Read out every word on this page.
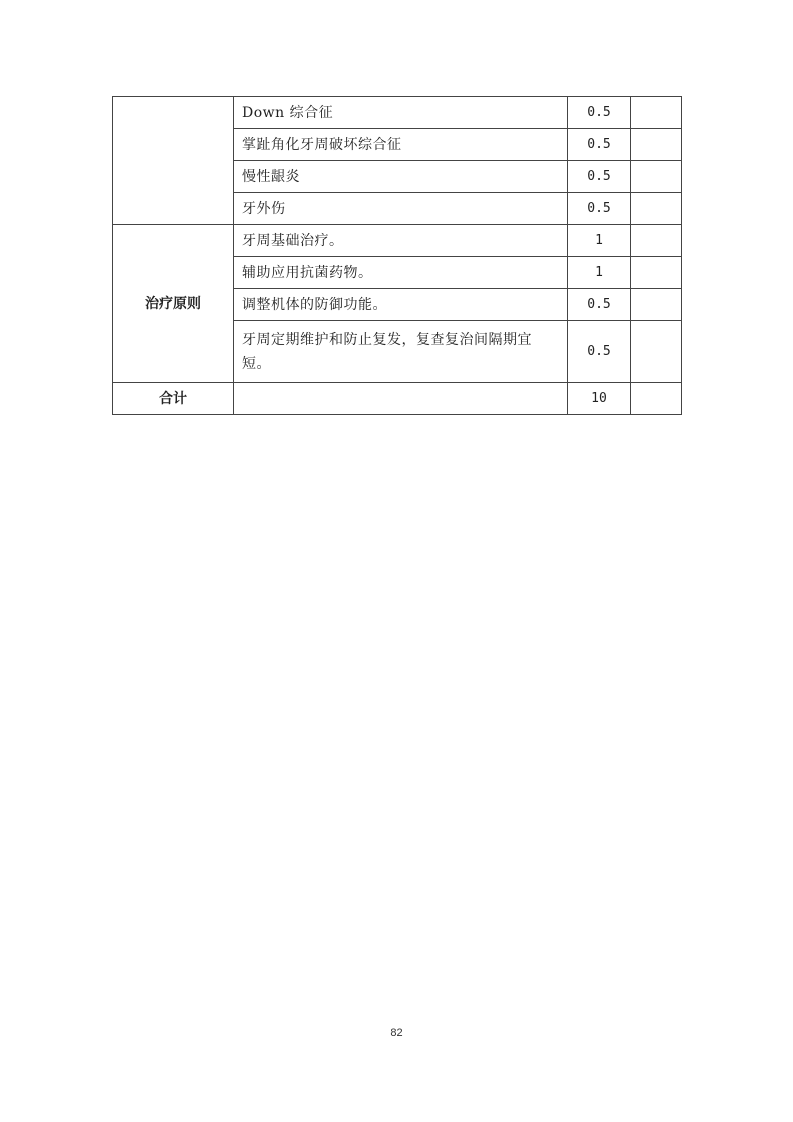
	Down 综合征	0.5	
	掌趾角化牙周破坏综合征	0.5	
	慢性龈炎	0.5	
	牙外伤	0.5	
治疗原则	牙周基础治疗。	1	
	辅助应用抗菌药物。	1	
	调整机体的防御功能。	0.5	
	牙周定期维护和防止复发，复查复治间隔期宜短。	0.5	
合计		10	
82
